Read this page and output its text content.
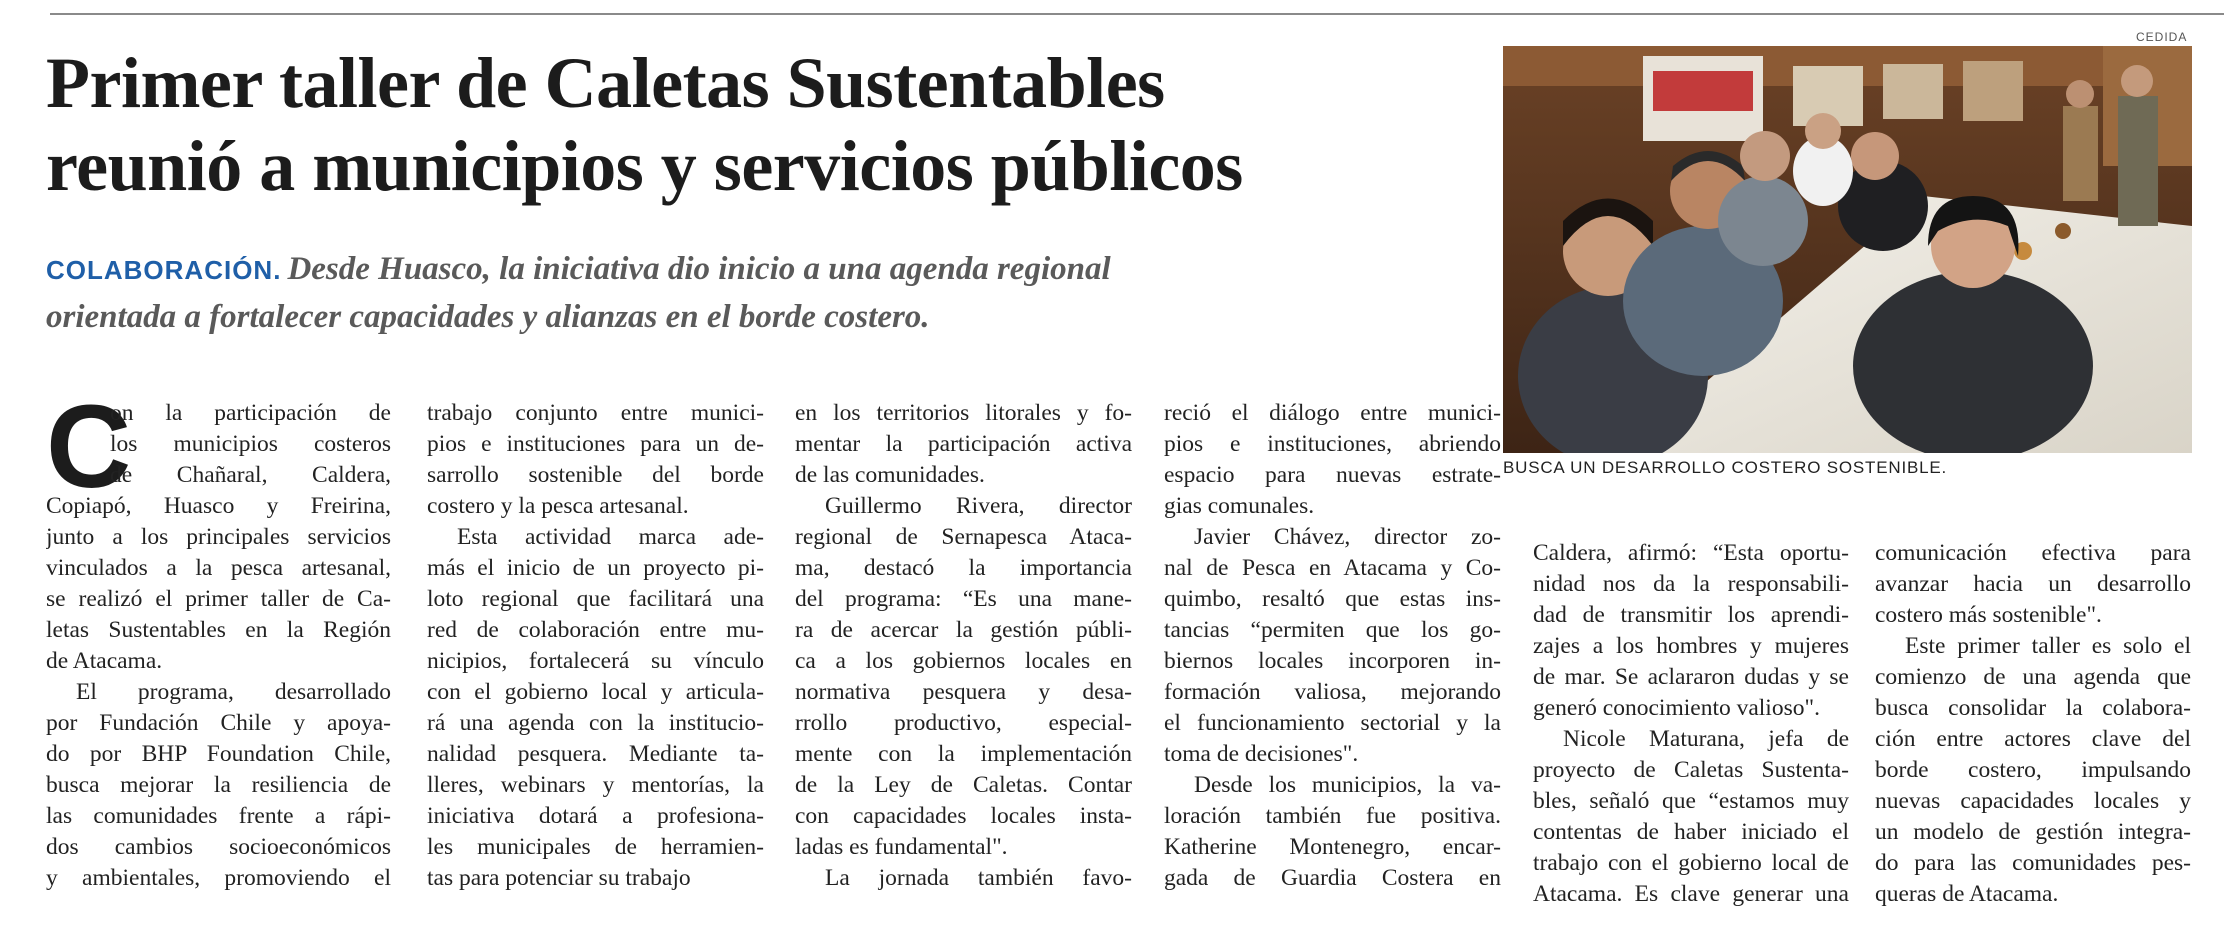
Primer taller de Caletas Sustentables
reunió a municipios y servicios públicos
COLABORACIÓN. Desde Huasco, la iniciativa dio inicio a una agenda regional
orientada a fortalecer capacidades y alianzas en el borde costero.
CEDIDA
BUSCA UN DESARROLLO COSTERO SOSTENIBLE.
C
on la participación de
los municipios costeros
de Chañaral, Caldera,
Copiapó, Huasco y Freirina,
junto a los principales servicios
vinculados a la pesca artesanal,
se realizó el primer taller de Ca-
letas Sustentables en la Región
de Atacama.
El programa, desarrollado
por Fundación Chile y apoya-
do por BHP Foundation Chile,
busca mejorar la resiliencia de
las comunidades frente a rápi-
dos cambios socioeconómicos
y ambientales, promoviendo el
trabajo conjunto entre munici-
pios e instituciones para un de-
sarrollo sostenible del borde
costero y la pesca artesanal.
Esta actividad marca ade-
más el inicio de un proyecto pi-
loto regional que facilitará una
red de colaboración entre mu-
nicipios, fortalecerá su vínculo
con el gobierno local y articula-
rá una agenda con la institucio-
nalidad pesquera. Mediante ta-
lleres, webinars y mentorías, la
iniciativa dotará a profesiona-
les municipales de herramien-
tas para potenciar su trabajo
en los territorios litorales y fo-
mentar la participación activa
de las comunidades.
Guillermo Rivera, director
regional de Sernapesca Ataca-
ma, destacó la importancia
del programa: “Es una mane-
ra de acercar la gestión públi-
ca a los gobiernos locales en
normativa pesquera y desa-
rrollo productivo, especial-
mente con la implementación
de la Ley de Caletas. Contar
con capacidades locales insta-
ladas es fundamental".
La jornada también favo-
reció el diálogo entre munici-
pios e instituciones, abriendo
espacio para nuevas estrate-
gias comunales.
Javier Chávez, director zo-
nal de Pesca en Atacama y Co-
quimbo, resaltó que estas ins-
tancias “permiten que los go-
biernos locales incorporen in-
formación valiosa, mejorando
el funcionamiento sectorial y la
toma de decisiones".
Desde los municipios, la va-
loración también fue positiva.
Katherine Montenegro, encar-
gada de Guardia Costera en
Caldera, afirmó: “Esta oportu-
nidad nos da la responsabili-
dad de transmitir los aprendi-
zajes a los hombres y mujeres
de mar. Se aclararon dudas y se
generó conocimiento valioso".
Nicole Maturana, jefa de
proyecto de Caletas Sustenta-
bles, señaló que “estamos muy
contentas de haber iniciado el
trabajo con el gobierno local de
Atacama. Es clave generar una
comunicación efectiva para
avanzar hacia un desarrollo
costero más sostenible".
Este primer taller es solo el
comienzo de una agenda que
busca consolidar la colabora-
ción entre actores clave del
borde costero, impulsando
nuevas capacidades locales y
un modelo de gestión integra-
do para las comunidades pes-
queras de Atacama.
